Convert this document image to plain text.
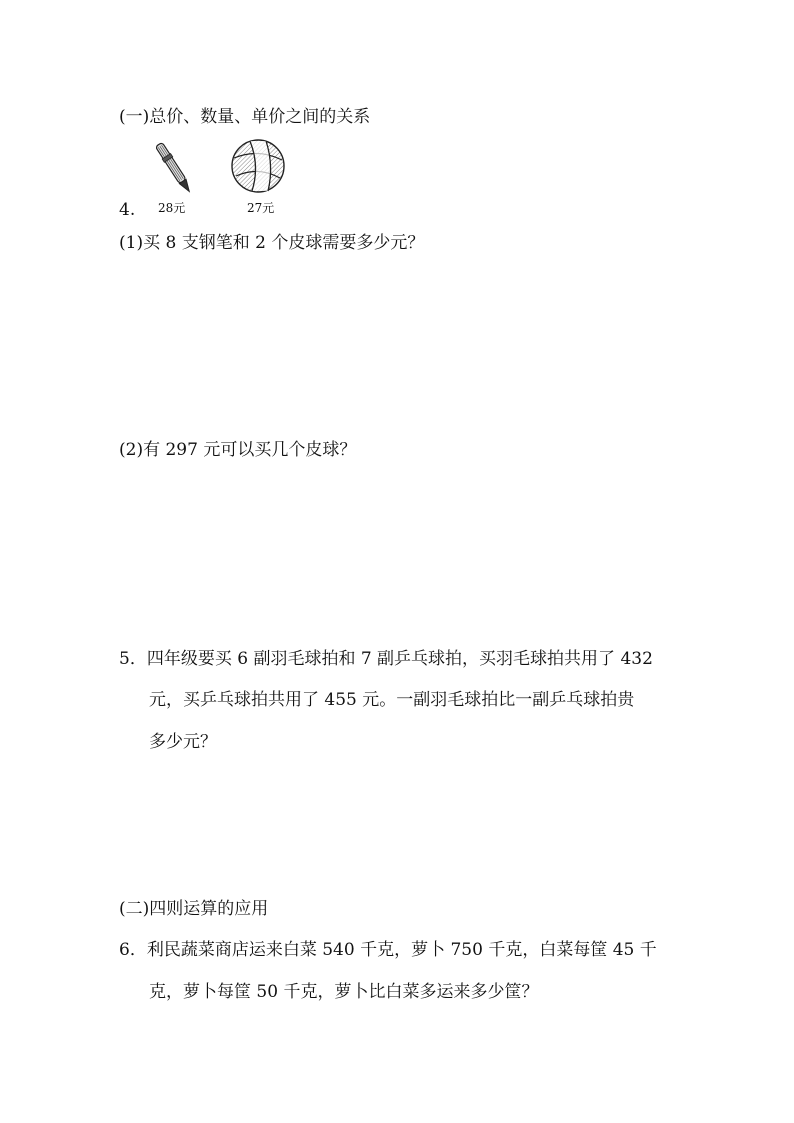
(一)总价、数量、单价之间的关系
28元	27元
4.
(1)买 8 支钢笔和 2 个皮球需要多少元？
(2)有 297 元可以买几个皮球？
5．四年级要买 6 副羽毛球拍和 7 副乒乓球拍，买羽毛球拍共用了 432
元，买乒乓球拍共用了 455 元。一副羽毛球拍比一副乒乓球拍贵
多少元？
(二)四则运算的应用
6．利民蔬菜商店运来白菜 540 千克，萝卜 750 千克，白菜每筐 45 千
克，萝卜每筐 50 千克，萝卜比白菜多运来多少筐？
